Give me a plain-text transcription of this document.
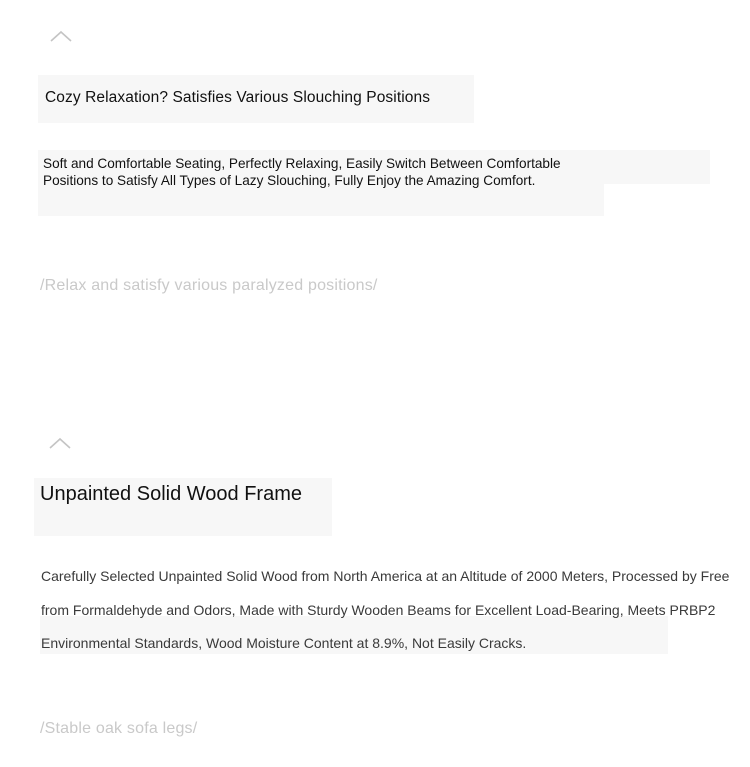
Cozy Relaxation? Satisfies Various Slouching Positions
Soft and Comfortable Seating, Perfectly Relaxing, Easily Switch Between Comfortable Positions to Satisfy All Types of Lazy Slouching, Fully Enjoy the Amazing Comfort.
/Relax and satisfy various paralyzed positions/
Unpainted Solid Wood Frame
Carefully Selected Unpainted Solid Wood from North America at an Altitude of 2000 Meters, Processed by Free from Formaldehyde and Odors, Made with Sturdy Wooden Beams for Excellent Load-Bearing, Meets PRBP2 Environmental Standards, Wood Moisture Content at 8.9%, Not Easily Cracks.
/Stable oak sofa legs/
